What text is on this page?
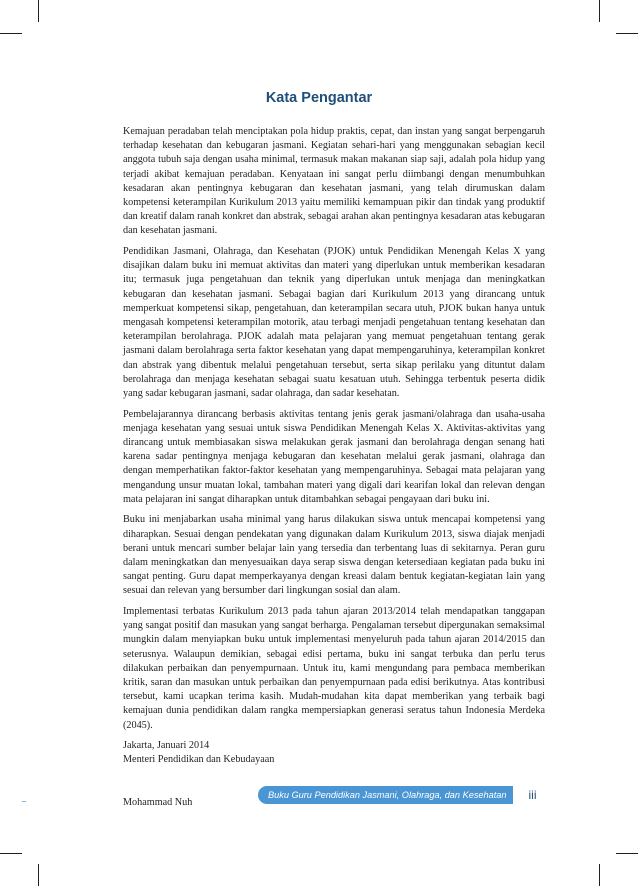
Kata Pengantar

Kemajuan peradaban telah menciptakan pola hidup praktis, cepat, dan instan yang sangat berpengaruh terhadap kesehatan dan kebugaran jasmani. Kegiatan sehari-hari yang menggunakan sebagian kecil anggota tubuh saja dengan usaha minimal, termasuk makan makanan siap saji, adalah pola hidup yang terjadi akibat kemajuan peradaban. Kenyataan ini sangat perlu diimbangi dengan menumbuhkan kesadaran akan pentingnya kebugaran dan kesehatan jasmani, yang telah dirumuskan dalam kompetensi keterampilan Kurikulum 2013 yaitu memiliki kemampuan pikir dan tindak yang produktif dan kreatif dalam ranah konkret dan abstrak, sebagai arahan akan pentingnya kesadaran atas kebugaran dan kesehatan jasmani.

Pendidikan Jasmani, Olahraga, dan Kesehatan (PJOK) untuk Pendidikan Menengah Kelas X yang disajikan dalam buku ini memuat aktivitas dan materi yang diperlukan untuk memberikan kesadaran itu; termasuk juga pengetahuan dan teknik yang diperlukan untuk menjaga dan meningkatkan kebugaran dan kesehatan jasmani. Sebagai bagian dari Kurikulum 2013 yang dirancang untuk memperkuat kompetensi sikap, pengetahuan, dan keterampilan secara utuh, PJOK bukan hanya untuk mengasah kompetensi keterampilan motorik, atau terbagi menjadi pengetahuan tentang kesehatan dan keterampilan berolahraga. PJOK adalah mata pelajaran yang memuat pengetahuan tentang gerak jasmani dalam berolahraga serta faktor kesehatan yang dapat mempengaruhinya, keterampilan konkret dan abstrak yang dibentuk melalui pengetahuan tersebut, serta sikap perilaku yang dituntut dalam berolahraga dan menjaga kesehatan sebagai suatu kesatuan utuh. Sehingga terbentuk peserta didik yang sadar kebugaran jasmani, sadar olahraga, dan sadar kesehatan.

Pembelajarannya dirancang berbasis aktivitas tentang jenis gerak jasmani/olahraga dan usaha-usaha menjaga kesehatan yang sesuai untuk siswa Pendidikan Menengah Kelas X. Aktivitas-aktivitas yang dirancang untuk membiasakan siswa melakukan gerak jasmani dan berolahraga dengan senang hati karena sadar pentingnya menjaga kebugaran dan kesehatan melalui gerak jasmani, olahraga dan dengan memperhatikan faktor-faktor kesehatan yang mempengaruhinya. Sebagai mata pelajaran yang mengandung unsur muatan lokal, tambahan materi yang digali dari kearifan lokal dan relevan dengan mata pelajaran ini sangat diharapkan untuk ditambahkan sebagai pengayaan dari buku ini.

Buku ini menjabarkan usaha minimal yang harus dilakukan siswa untuk mencapai kompetensi yang diharapkan. Sesuai dengan pendekatan yang digunakan dalam Kurikulum 2013, siswa diajak menjadi berani untuk mencari sumber belajar lain yang tersedia dan terbentang luas di sekitarnya. Peran guru dalam meningkatkan dan menyesuaikan daya serap siswa dengan ketersediaan kegiatan pada buku ini sangat penting. Guru dapat memperkayanya dengan kreasi dalam bentuk kegiatan-kegiatan lain yang sesuai dan relevan yang bersumber dari lingkungan sosial dan alam.

Implementasi terbatas Kurikulum 2013 pada tahun ajaran 2013/2014 telah mendapatkan tanggapan yang sangat positif dan masukan yang sangat berharga. Pengalaman tersebut dipergunakan semaksimal mungkin dalam menyiapkan buku untuk implementasi menyeluruh pada tahun ajaran 2014/2015 dan seterusnya. Walaupun demikian, sebagai edisi pertama, buku ini sangat terbuka dan perlu terus dilakukan perbaikan dan penyempurnaan. Untuk itu, kami mengundang para pembaca memberikan kritik, saran dan masukan untuk perbaikan dan penyempurnaan pada edisi berikutnya. Atas kontribusi tersebut, kami ucapkan terima kasih. Mudah-mudahan kita dapat memberikan yang terbaik bagi kemajuan dunia pendidikan dalam rangka mempersiapkan generasi seratus tahun Indonesia Merdeka (2045).

Jakarta, Januari 2014
Menteri Pendidikan dan Kebudayaan

Mohammad Nuh

Buku Guru Pendidikan Jasmani, Olahraga, dan Kesehatan	iii
